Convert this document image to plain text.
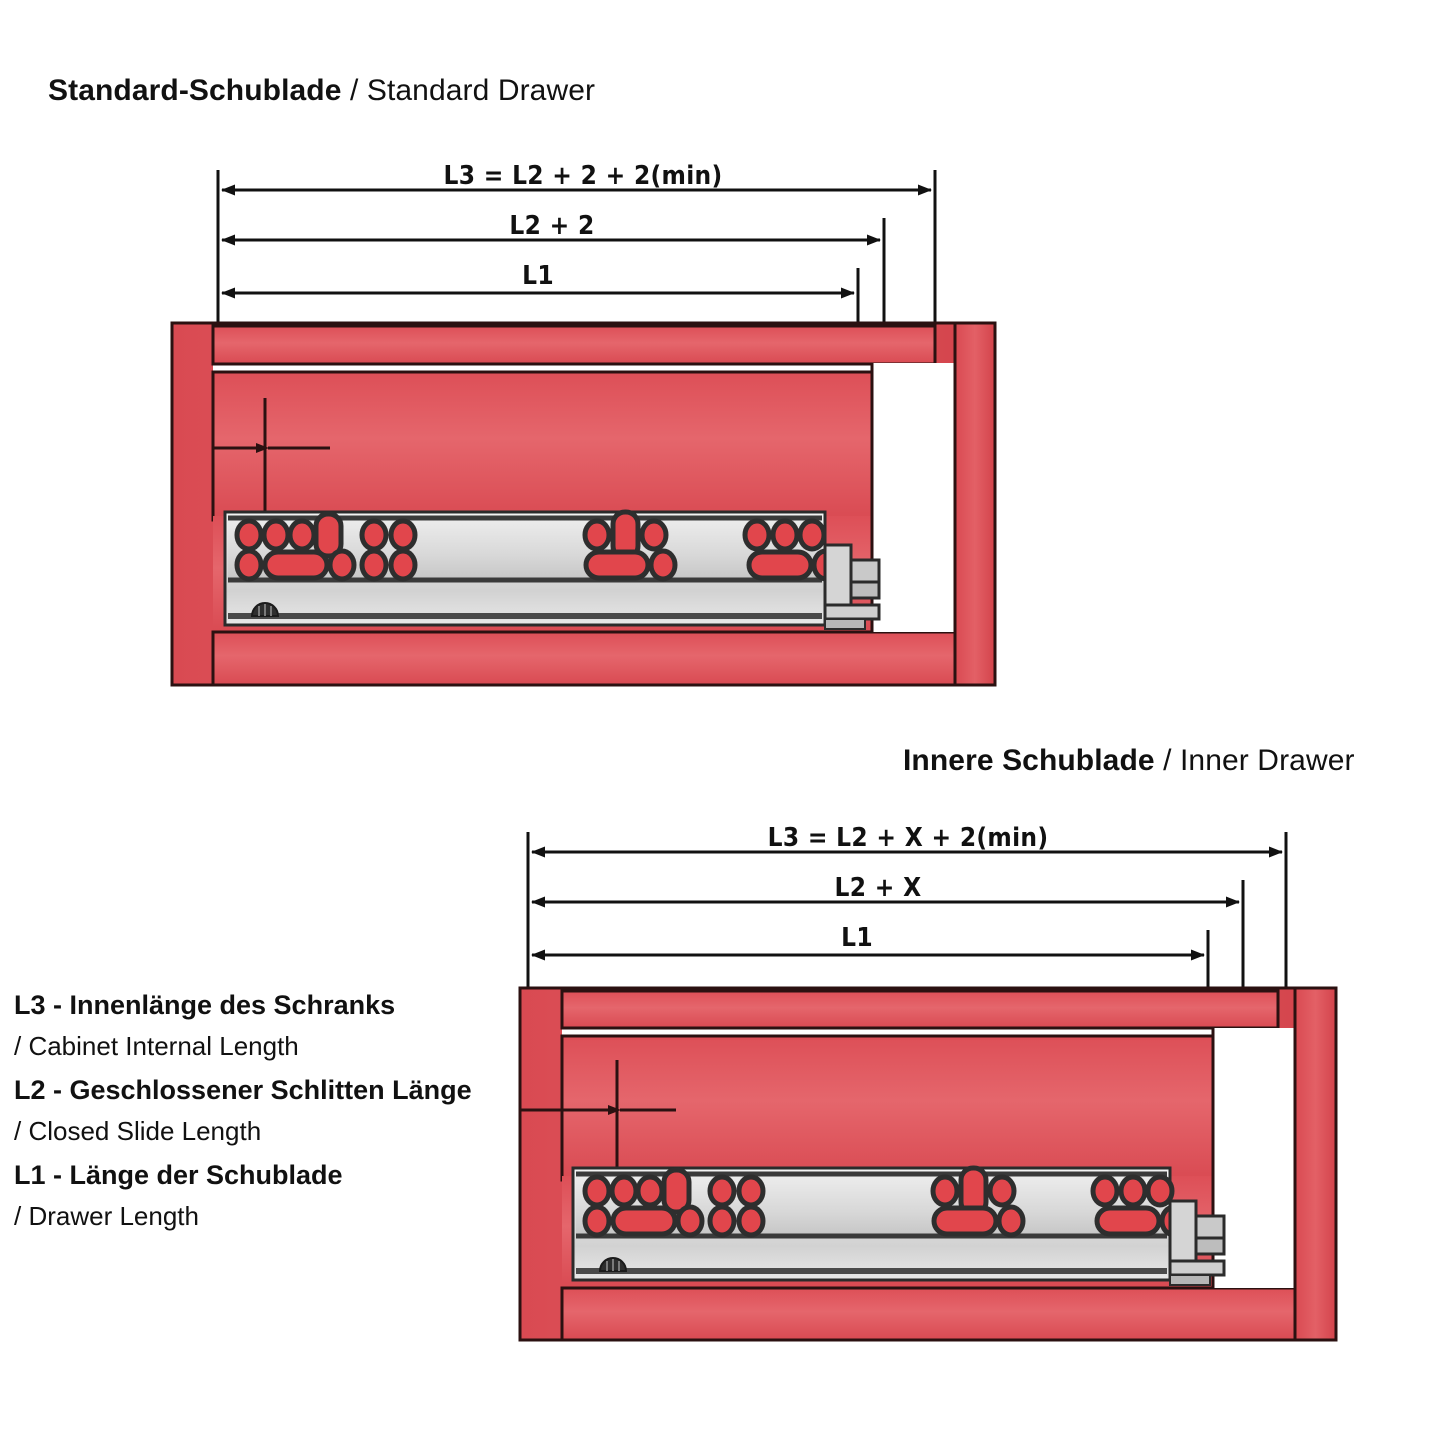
Standard-Schublade / Standard Drawer
L3 = L2 + 2 + 2(min)
L2 + 2
L1
Innere Schublade / Inner Drawer
L3 = L2 + X + 2(min)
L2 + X
L1
L3 - Innenlänge des Schranks
/ Cabinet Internal Length
L2 - Geschlossener Schlitten Länge
/ Closed Slide Length
L1 - Länge der Schublade
/ Drawer Length
